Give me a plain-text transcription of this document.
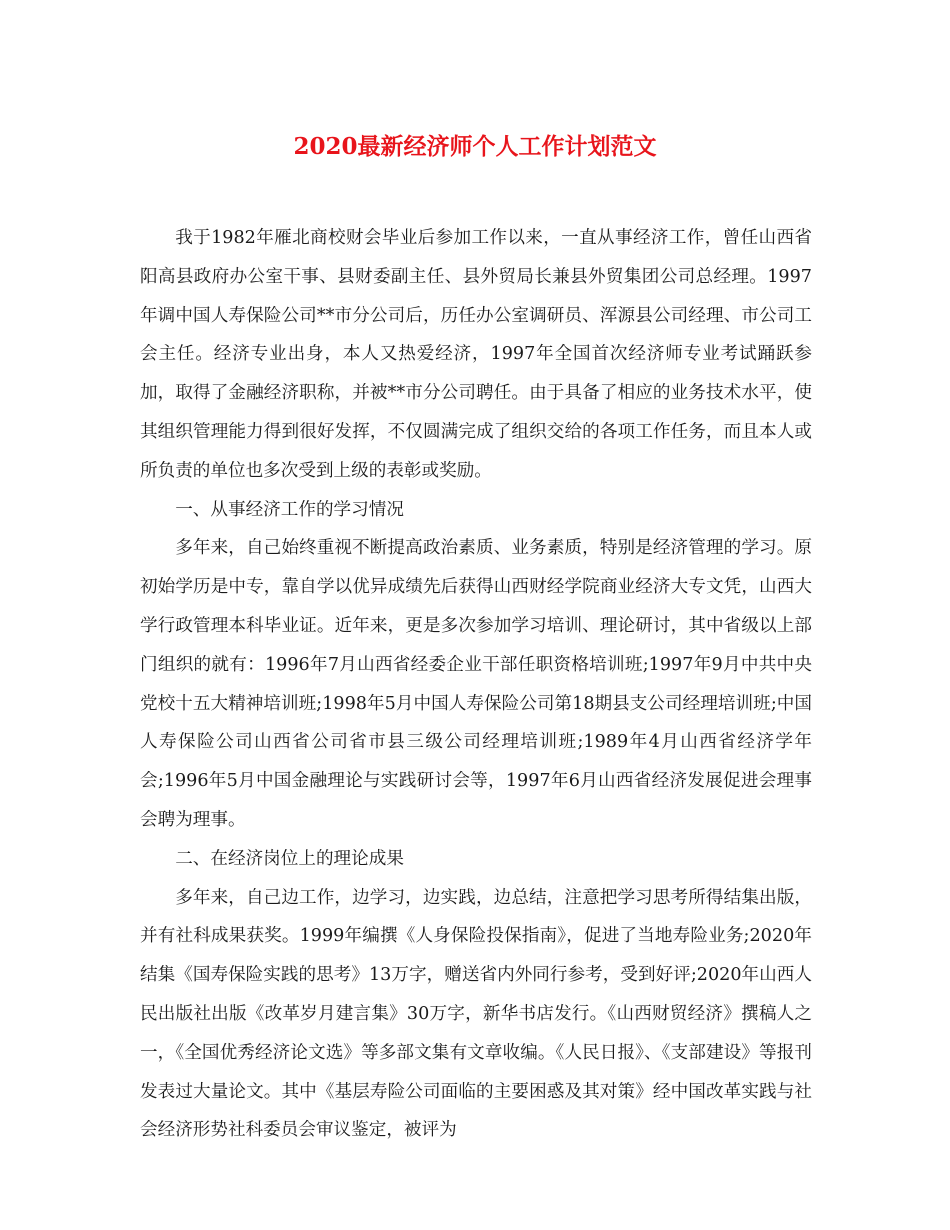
2020最新经济师个人工作计划范文

我于1982年雁北商校财会毕业后参加工作以来，一直从事经济工作，曾任山西省阳高县政府办公室干事、县财委副主任、县外贸局长兼县外贸集团公司总经理。1997年调中国人寿保险公司**市分公司后，历任办公室调研员、浑源县公司经理、市公司工会主任。经济专业出身，本人又热爱经济，1997年全国首次经济师专业考试踊跃参加，取得了金融经济职称，并被**市分公司聘任。由于具备了相应的业务技术水平，使其组织管理能力得到很好发挥，不仅圆满完成了组织交给的各项工作任务，而且本人或所负责的单位也多次受到上级的表彰或奖励。

一、从事经济工作的学习情况

多年来，自己始终重视不断提高政治素质、业务素质，特别是经济管理的学习。原初始学历是中专，靠自学以优异成绩先后获得山西财经学院商业经济大专文凭，山西大学行政管理本科毕业证。近年来，更是多次参加学习培训、理论研讨，其中省级以上部门组织的就有：1996年7月山西省经委企业干部任职资格培训班;1997年9月中共中央党校十五大精神培训班;1998年5月中国人寿保险公司第18期县支公司经理培训班;中国人寿保险公司山西省公司省市县三级公司经理培训班;1989年4月山西省经济学年会;1996年5月中国金融理论与实践研讨会等，1997年6月山西省经济发展促进会理事会聘为理事。

二、在经济岗位上的理论成果

多年来，自己边工作，边学习，边实践，边总结，注意把学习思考所得结集出版，并有社科成果获奖。1999年编撰《人身保险投保指南》，促进了当地寿险业务;2020年结集《国寿保险实践的思考》13万字，赠送省内外同行参考，受到好评;2020年山西人民出版社出版《改革岁月建言集》30万字，新华书店发行。《山西财贸经济》撰稿人之一，《全国优秀经济论文选》等多部文集有文章收编。《人民日报》、《支部建设》等报刊发表过大量论文。其中《基层寿险公司面临的主要困惑及其对策》经中国改革实践与社会经济形势社科委员会审议鉴定，被评为
